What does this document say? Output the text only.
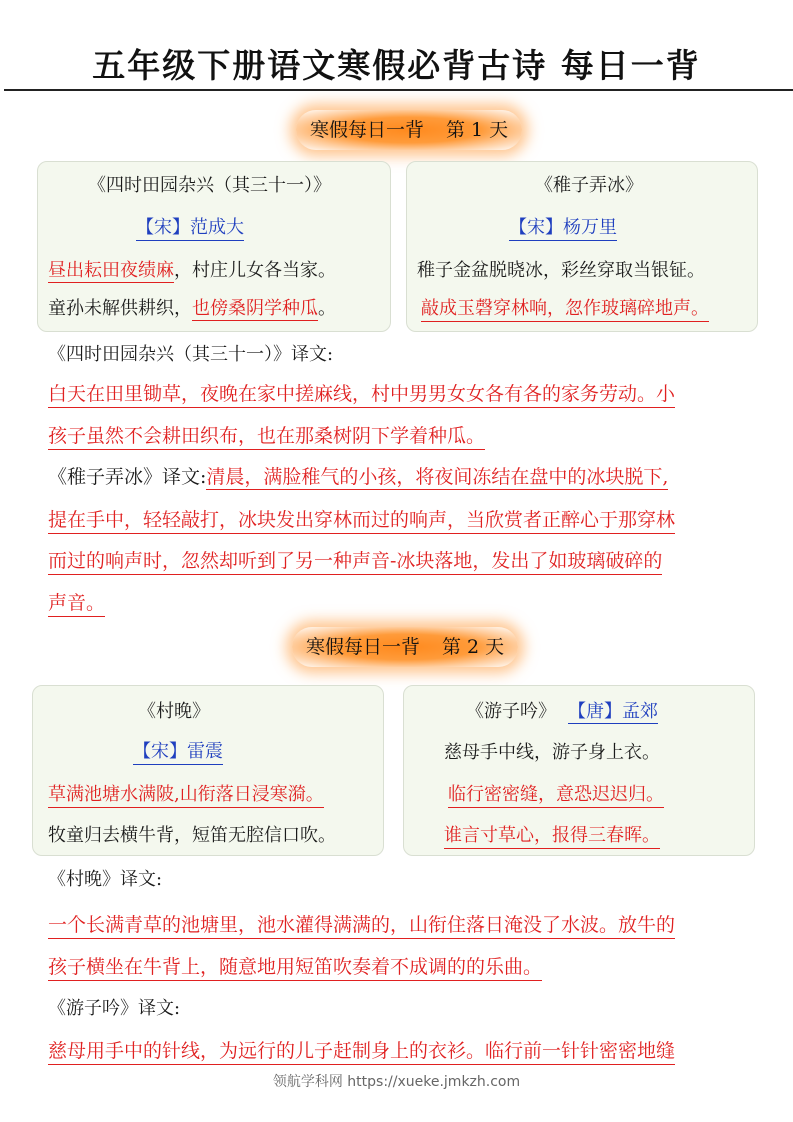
五年级下册语文寒假必背古诗 每日一背
寒假每日一背 第 1 天
《四时田园杂兴（其三十一）》
【宋】范成大
昼出耘田夜绩麻，村庄儿女各当家。
童孙未解供耕织，也傍桑阴学种瓜。
《稚子弄冰》
【宋】杨万里
稚子金盆脱晓冰，彩丝穿取当银钲。
敲成玉磬穿林响，忽作玻璃碎地声。
《四时田园杂兴（其三十一）》译文:
白天在田里锄草，夜晚在家中搓麻线，村中男男女女各有各的家务劳动。小
孩子虽然不会耕田织布，也在那桑树阴下学着种瓜。
《稚子弄冰》译文:清晨，满脸稚气的小孩，将夜间冻结在盘中的冰块脱下,
提在手中，轻轻敲打，冰块发出穿林而过的响声，当欣赏者正醉心于那穿林
而过的响声时，忽然却听到了另一种声音-冰块落地，发出了如玻璃破碎的
声音。
寒假每日一背 第 2 天
《村晚》
【宋】雷震
草满池塘水满陂,山衔落日浸寒漪。
牧童归去横牛背，短笛无腔信口吹。
《游子吟》 【唐】孟郊
慈母手中线，游子身上衣。
临行密密缝，意恐迟迟归。
谁言寸草心，报得三春晖。
《村晚》译文:
一个长满青草的池塘里，池水灌得满满的，山衔住落日淹没了水波。放牛的
孩子横坐在牛背上，随意地用短笛吹奏着不成调的的乐曲。
《游子吟》译文:
慈母用手中的针线，为远行的儿子赶制身上的衣衫。临行前一针针密密地缝
领航学科网 https://xueke.jmkzh.com
